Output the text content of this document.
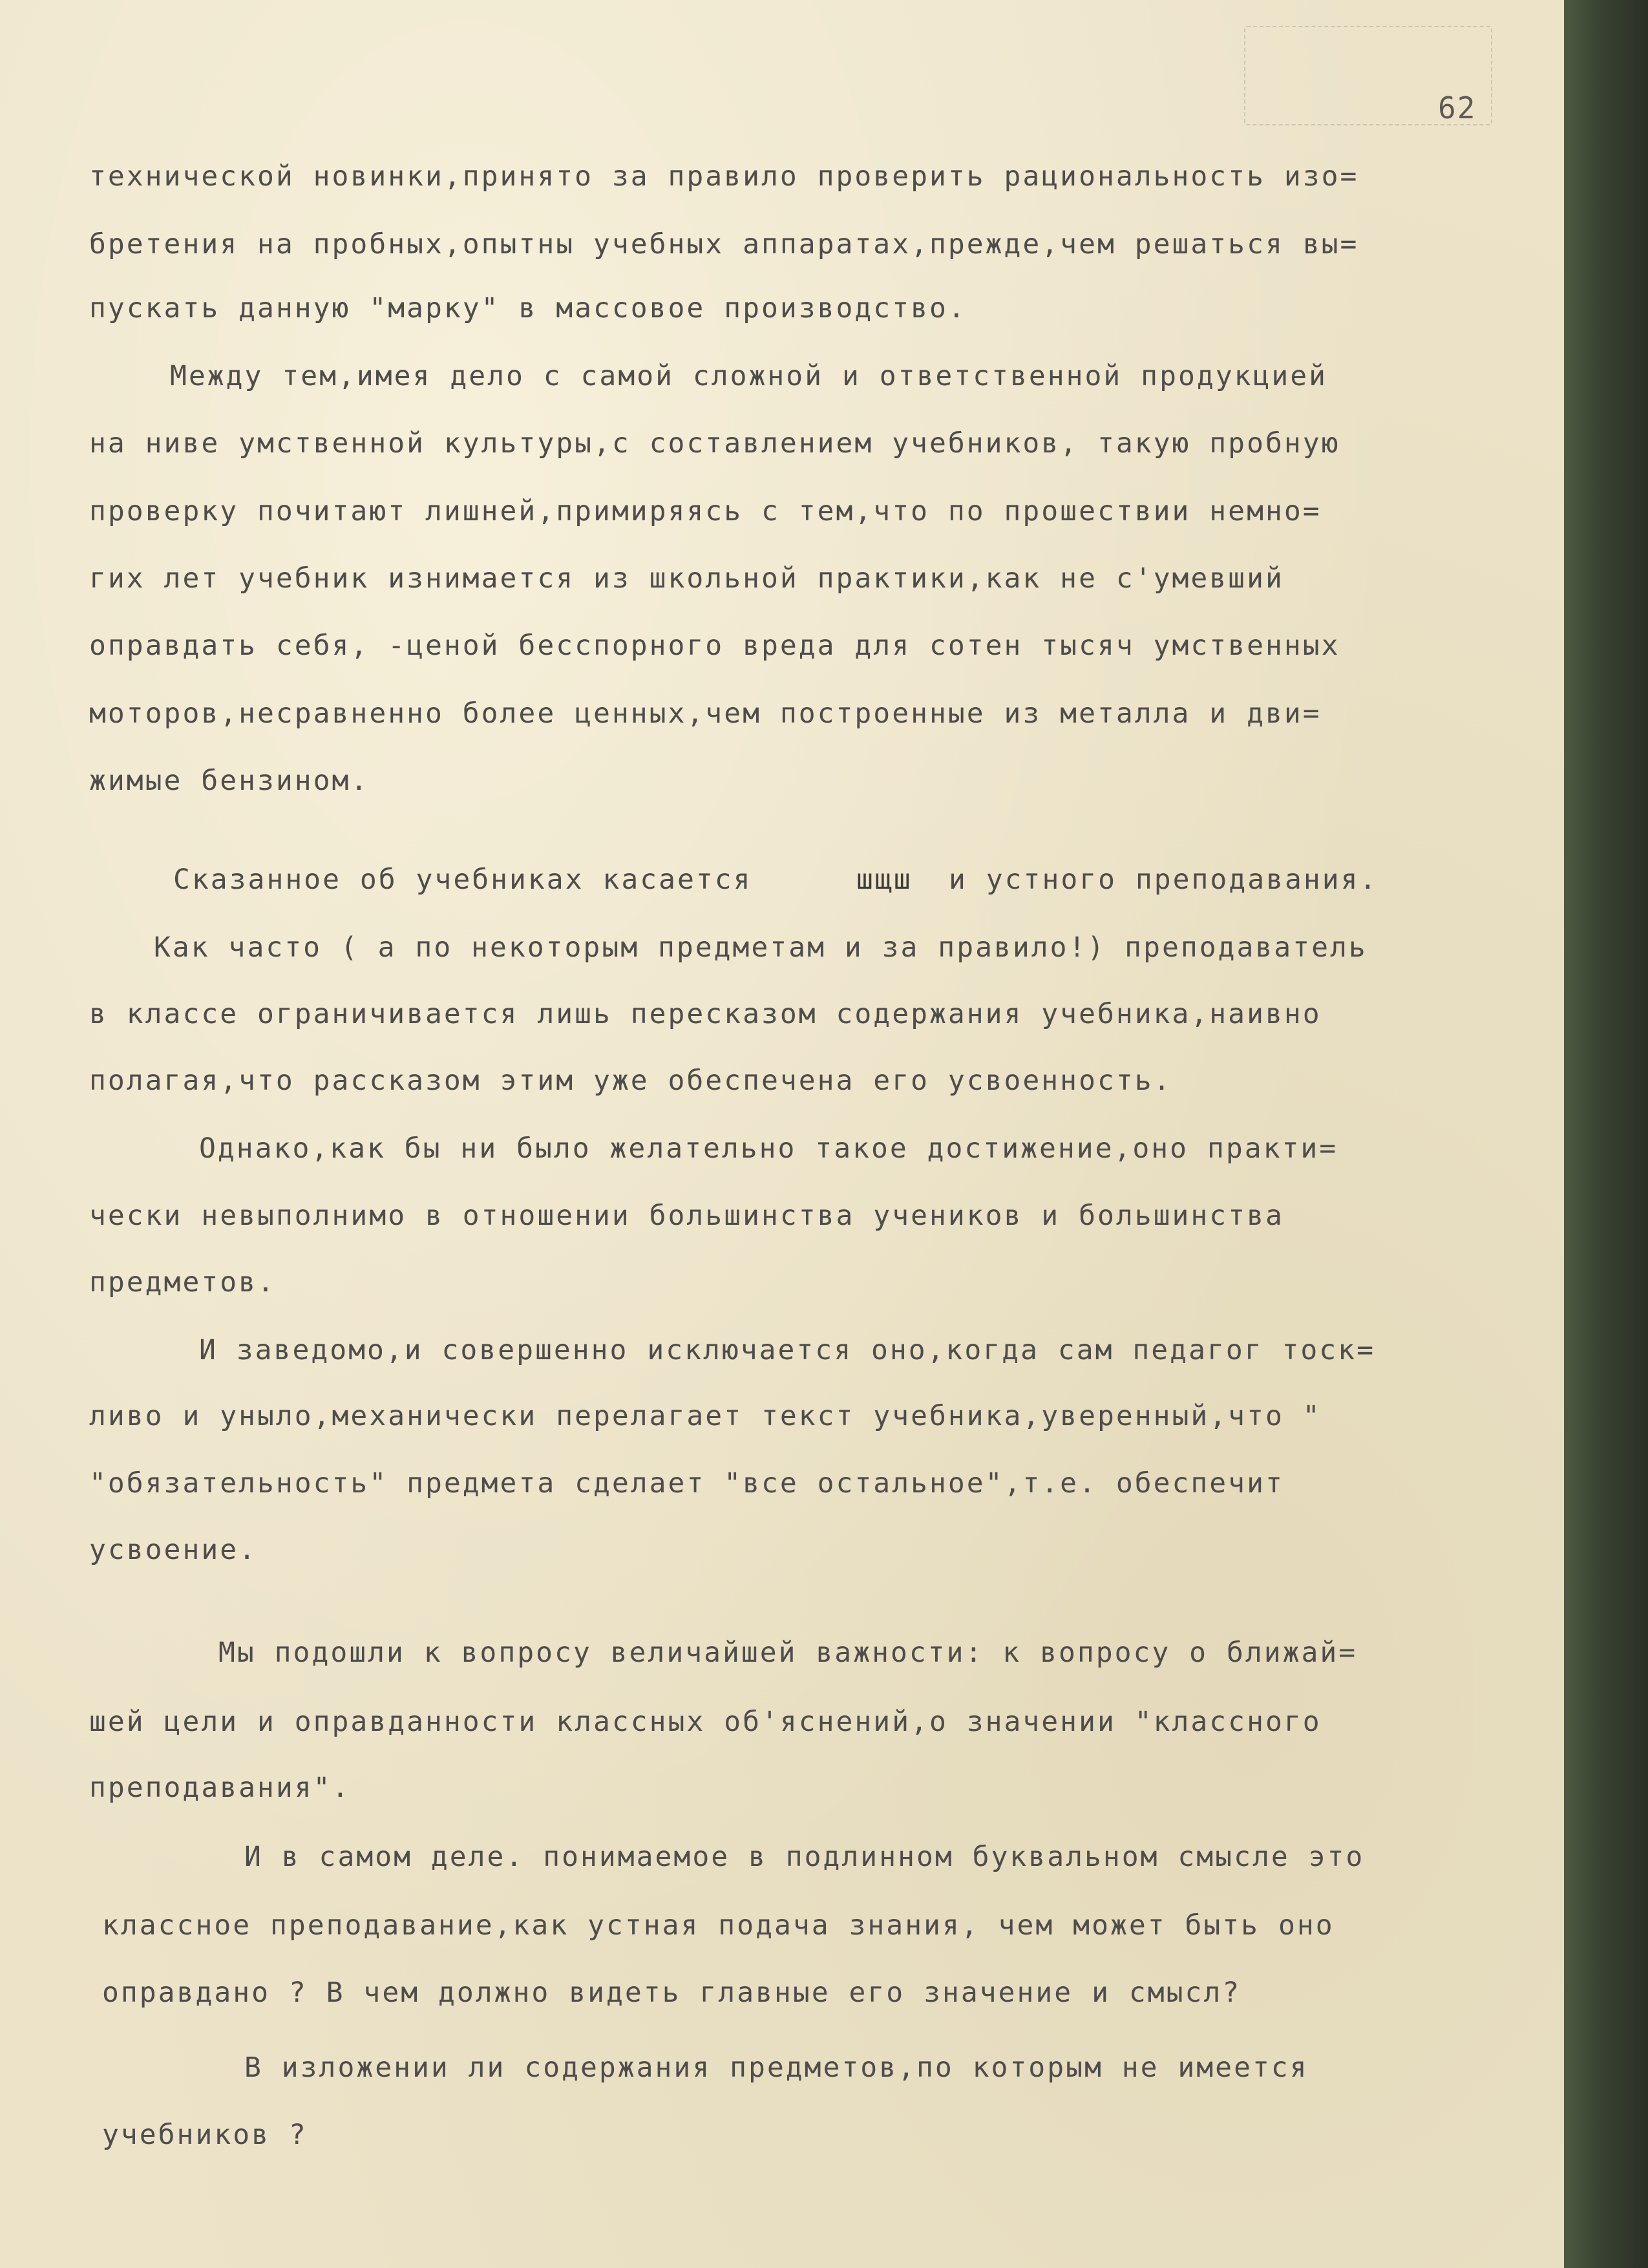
62
технической новинки,принято за правило проверить рациональность изо=
бретения на пробных,опытны учебных аппаратах,прежде,чем решаться вы=
пускать данную "марку" в массовое производство.
Между тем,имея дело с самой сложной и ответственной продукцией
на ниве умственной культуры,с составлением учебников, такую пробную
проверку почитают лишней,примиряясь с тем,что по прошествии немно=
гих лет учебник изнимается из школьной практики,как не с'умевший
оправдать себя, -ценой бесспорного вреда для сотен тысяч умственных
моторов,несравненно более ценных,чем построенные из металла и дви=
жимые бензином.
Сказанное об учебниках касается	шщш и устного преподавания.
Как часто ( а по некоторым предметам и за правило!) преподаватель
в классе ограничивается лишь пересказом содержания учебника,наивно
полагая,что рассказом этим уже обеспечена его усвоенность.
Однако,как бы ни было желательно такое достижение,оно практи=
чески невыполнимо в отношении большинства учеников и большинства
предметов.
И заведомо,и совершенно исключается оно,когда сам педагог тоск=
ливо и уныло,механически перелагает текст учебника,уверенный,что "
"обязательность" предмета сделает "все остальное",т.е. обеспечит
усвоение.
Мы подошли к вопросу величайшей важности: к вопросу о ближай=
шей цели и оправданности классных об'яснений,о значении "классного
преподавания".
И в самом деле. понимаемое в подлинном буквальном смысле это
классное преподавание,как устная подача знания, чем может быть оно
оправдано ? В чем должно видеть главные его значение и смысл?
В изложении ли содержания предметов,по которым не имеется
учебников ?
